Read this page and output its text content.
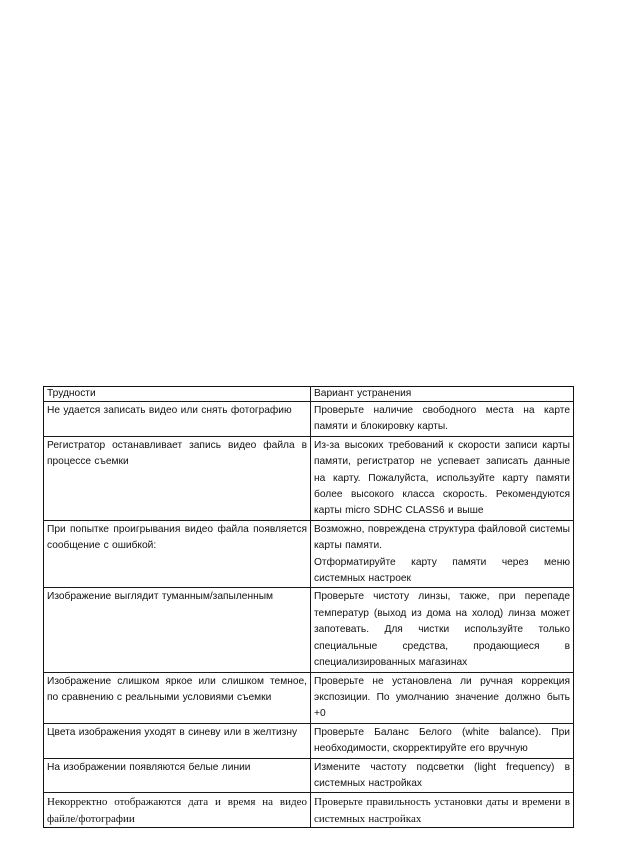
Трудности	Вариант устранения
Не удается записать видео или снять фотографию	Проверьте наличие свободного места на карте памяти и блокировку карты.

Регистратор останавливает запись видео файла в процессе съемки	Из-за высоких требований к скорости записи карты памяти, регистратор не успевает записать данные на карту. Пожалуйста, используйте карту памяти более высокого класса скорость. Рекомендуются карты micro SDHC CLASS6 и выше

При попытке проигрывания видео файла появляется сообщение с ошибкой:	Возможно, повреждена структура файловой системы карты памяти.

Отформатируйте карту памяти через меню системных настроек

Изображение выглядит туманным/запыленным	Проверьте чистоту линзы, также, при перепаде температур (выход из дома на холод) линза может запотевать. Для чистки используйте только специальные средства, продающиеся в специализированных магазинах

Изображение слишком яркое или слишком темное, по сравнению с реальными условиями съемки	Проверьте не установлена ли ручная коррекция экспозиции. По умолчанию значение должно быть +0

Цвета изображения уходят в синеву или в желтизну	Проверьте Баланс Белого (white balance). При необходимости, скорректируйте его вручную

На изображении появляются белые линии	Измените частоту подсветки (light frequency) в системных настройках

Некорректно отображаются дата и время на видео файле/фотографии	Проверьте правильность установки даты и времени в системных настройках
